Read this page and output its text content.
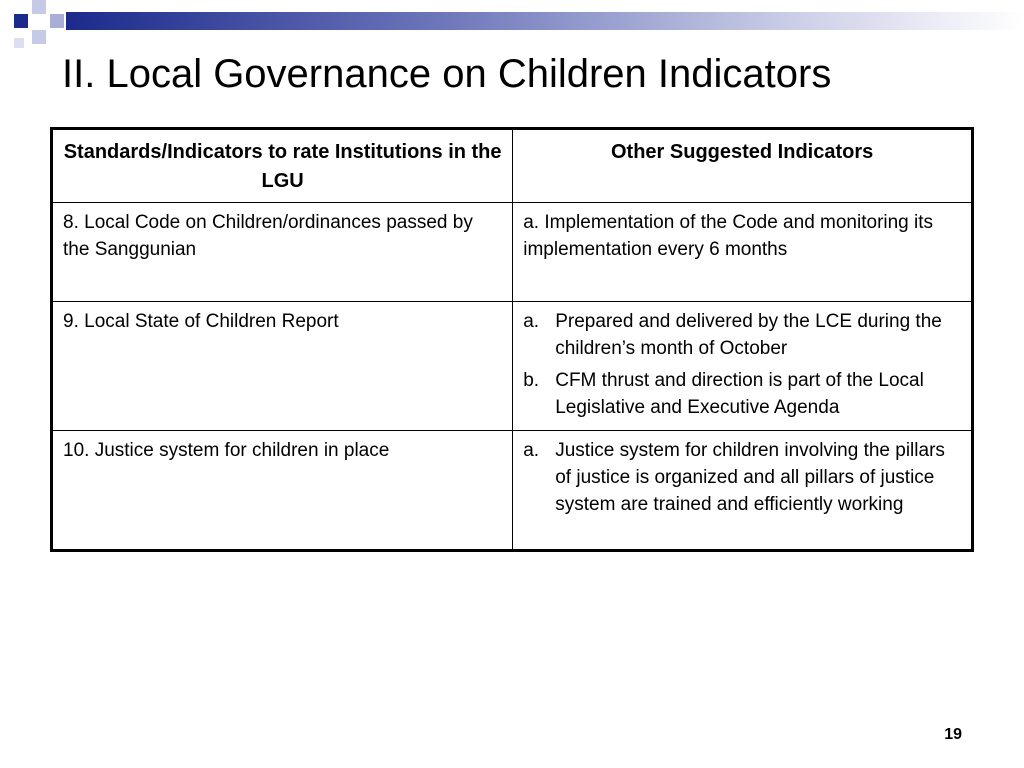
II. Local Governance on Children Indicators
Standards/Indicators to rate Institutions in the LGU	Other Suggested Indicators
8. Local Code on Children/ordinances passed by the Sanggunian	a. Implementation of the Code and monitoring its implementation every 6 months

9. Local State of Children Report	a. Prepared and delivered by the LCE during the children’s month of October
b. CFM thrust and direction is part of the Local Legislative and Executive Agenda

10. Justice system for children in place	a. Justice system for children involving the pillars of justice is organized and all pillars of justice system are trained and efficiently working
19
